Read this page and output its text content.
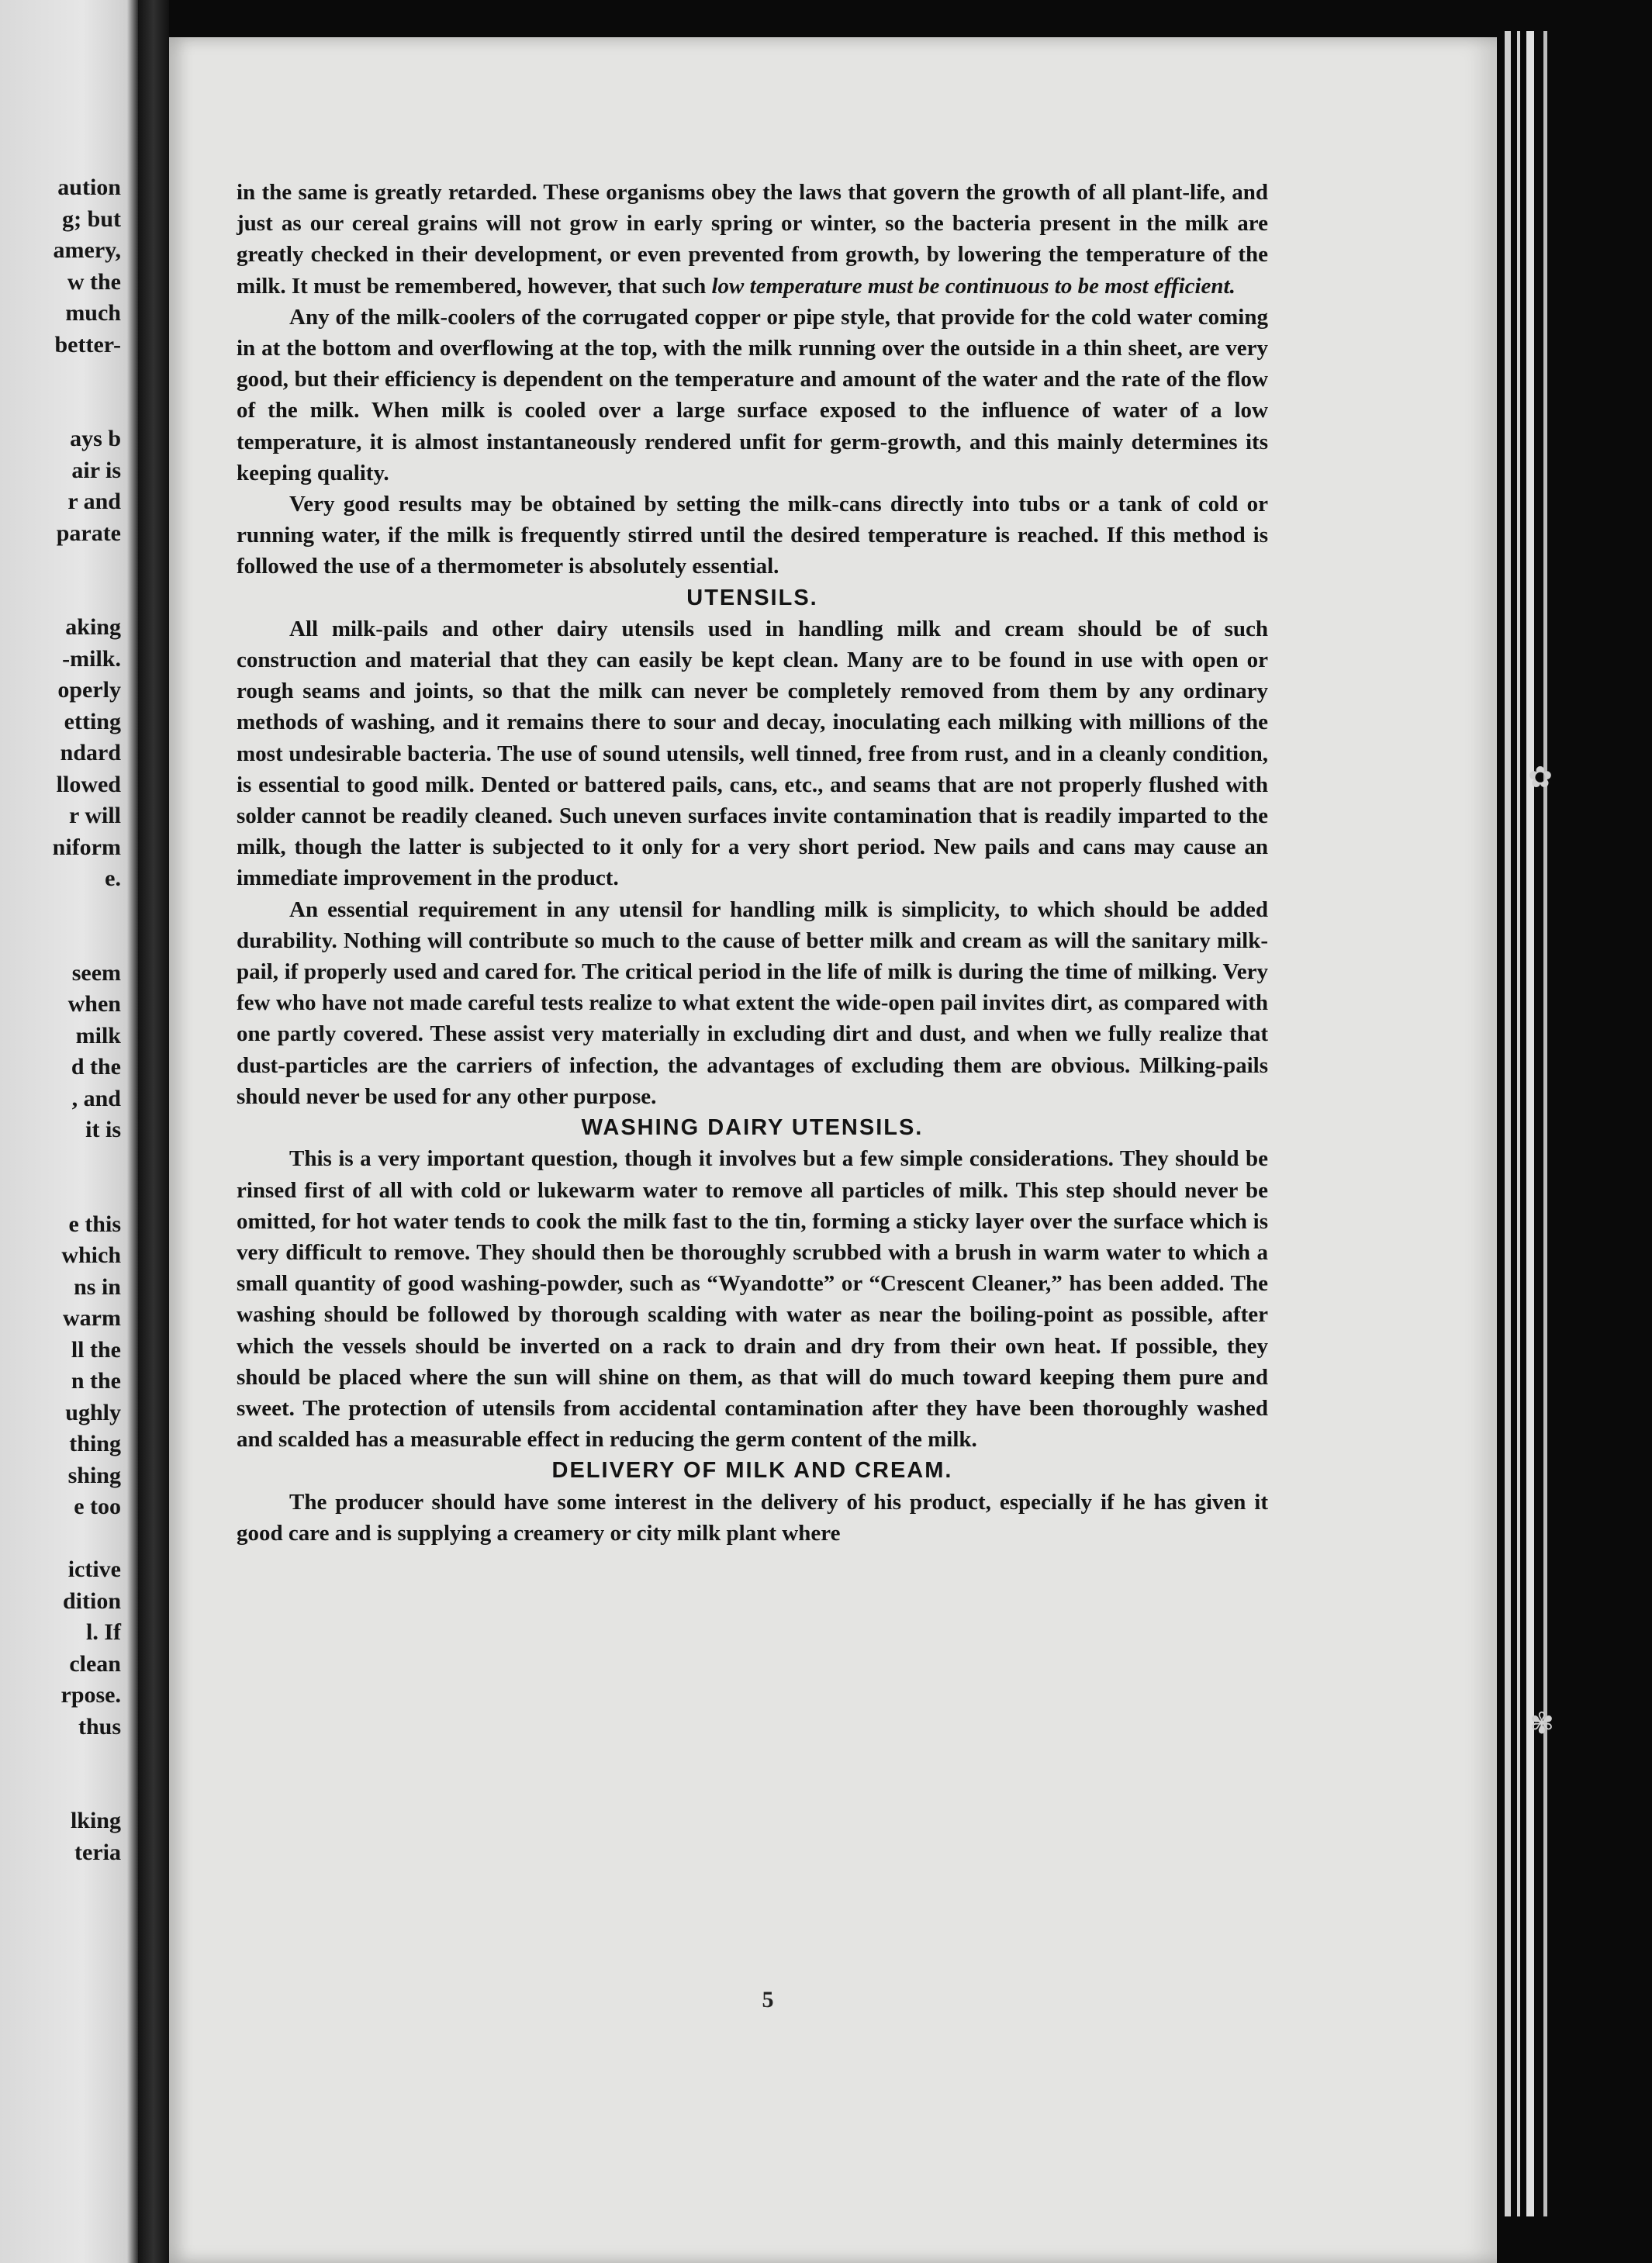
aution
g; but
amery,
w the
much
better-

ays b
air is
r and
parate

aking
-milk.
operly
etting
ndard
llowed
r will
niform
e.

seem
when
milk
d the
, and
it is

e this
which
ns in
warm
ll the
n the
ughly
thing
shing
e too

ictive
dition
l. If
clean
rpose.
thus

lking
teria
✿
✾

in the same is greatly retarded. These organisms obey the laws that govern the growth of all plant-life, and just as our cereal grains will not grow in early spring or winter, so the bacteria present in the milk are greatly checked in their development, or even prevented from growth, by lowering the temperature of the milk. It must be remembered, however, that such low temperature must be continuous to be most efficient.

Any of the milk-coolers of the corrugated copper or pipe style, that provide for the cold water coming in at the bottom and overflowing at the top, with the milk running over the outside in a thin sheet, are very good, but their efficiency is dependent on the temperature and amount of the water and the rate of the flow of the milk. When milk is cooled over a large surface exposed to the influence of water of a low temperature, it is almost instantaneously rendered unfit for germ-growth, and this mainly determines its keeping quality.

Very good results may be obtained by setting the milk-cans directly into tubs or a tank of cold or running water, if the milk is frequently stirred until the desired temperature is reached. If this method is followed the use of a thermometer is absolutely essential.

UTENSILS.

All milk-pails and other dairy utensils used in handling milk and cream should be of such construction and material that they can easily be kept clean. Many are to be found in use with open or rough seams and joints, so that the milk can never be completely removed from them by any ordinary methods of washing, and it remains there to sour and decay, inoculating each milking with millions of the most undesirable bacteria. The use of sound utensils, well tinned, free from rust, and in a cleanly condition, is essential to good milk. Dented or battered pails, cans, etc., and seams that are not properly flushed with solder cannot be readily cleaned. Such uneven surfaces invite contamination that is readily imparted to the milk, though the latter is subjected to it only for a very short period. New pails and cans may cause an immediate improvement in the product.

An essential requirement in any utensil for handling milk is simplicity, to which should be added durability. Nothing will contribute so much to the cause of better milk and cream as will the sanitary milk-pail, if properly used and cared for. The critical period in the life of milk is during the time of milking. Very few who have not made careful tests realize to what extent the wide-open pail invites dirt, as compared with one partly covered. These assist very materially in excluding dirt and dust, and when we fully realize that dust-particles are the carriers of infection, the advantages of excluding them are obvious. Milking-pails should never be used for any other purpose.

WASHING DAIRY UTENSILS.

This is a very important question, though it involves but a few simple considerations. They should be rinsed first of all with cold or lukewarm water to remove all particles of milk. This step should never be omitted, for hot water tends to cook the milk fast to the tin, forming a sticky layer over the surface which is very difficult to remove. They should then be thoroughly scrubbed with a brush in warm water to which a small quantity of good washing-powder, such as “Wyandotte” or “Crescent Cleaner,” has been added. The washing should be followed by thorough scalding with water as near the boiling-point as possible, after which the vessels should be inverted on a rack to drain and dry from their own heat. If possible, they should be placed where the sun will shine on them, as that will do much toward keeping them pure and sweet. The protection of utensils from accidental contamination after they have been thoroughly washed and scalded has a measurable effect in reducing the germ content of the milk.

DELIVERY OF MILK AND CREAM.

The producer should have some interest in the delivery of his product, especially if he has given it good care and is supplying a creamery or city milk plant where

5
